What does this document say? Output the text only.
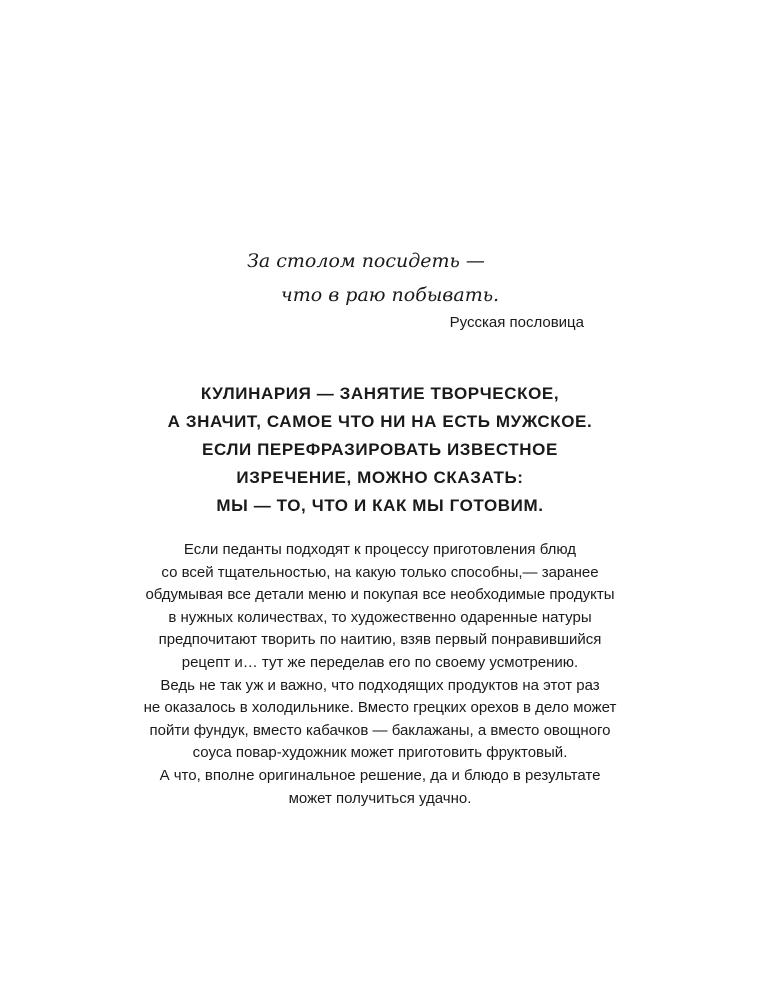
За столом посидеть —
что в раю побывать.
Русская пословица
КУЛИНАРИЯ — ЗАНЯТИЕ ТВОРЧЕСКОЕ,
А ЗНАЧИТ, САМОЕ ЧТО НИ НА ЕСТЬ МУЖСКОЕ.
ЕСЛИ ПЕРЕФРАЗИРОВАТЬ ИЗВЕСТНОЕ
ИЗРЕЧЕНИЕ, МОЖНО СКАЗАТЬ:
МЫ — ТО, ЧТО И КАК МЫ ГОТОВИМ.
Если педанты подходят к процессу приготовления блюд
со всей тщательностью, на какую только способны,— заранее
обдумывая все детали меню и покупая все необходимые продукты
в нужных количествах, то художественно одаренные натуры
предпочитают творить по наитию, взяв первый понравившийся
рецепт и… тут же переделав его по своему усмотрению.
Ведь не так уж и важно, что подходящих продуктов на этот раз
не оказалось в холодильнике. Вместо грецких орехов в дело может
пойти фундук, вместо кабачков — баклажаны, а вместо овощного
соуса повар-художник может приготовить фруктовый.
А что, вполне оригинальное решение, да и блюдо в результате
может получиться удачно.
